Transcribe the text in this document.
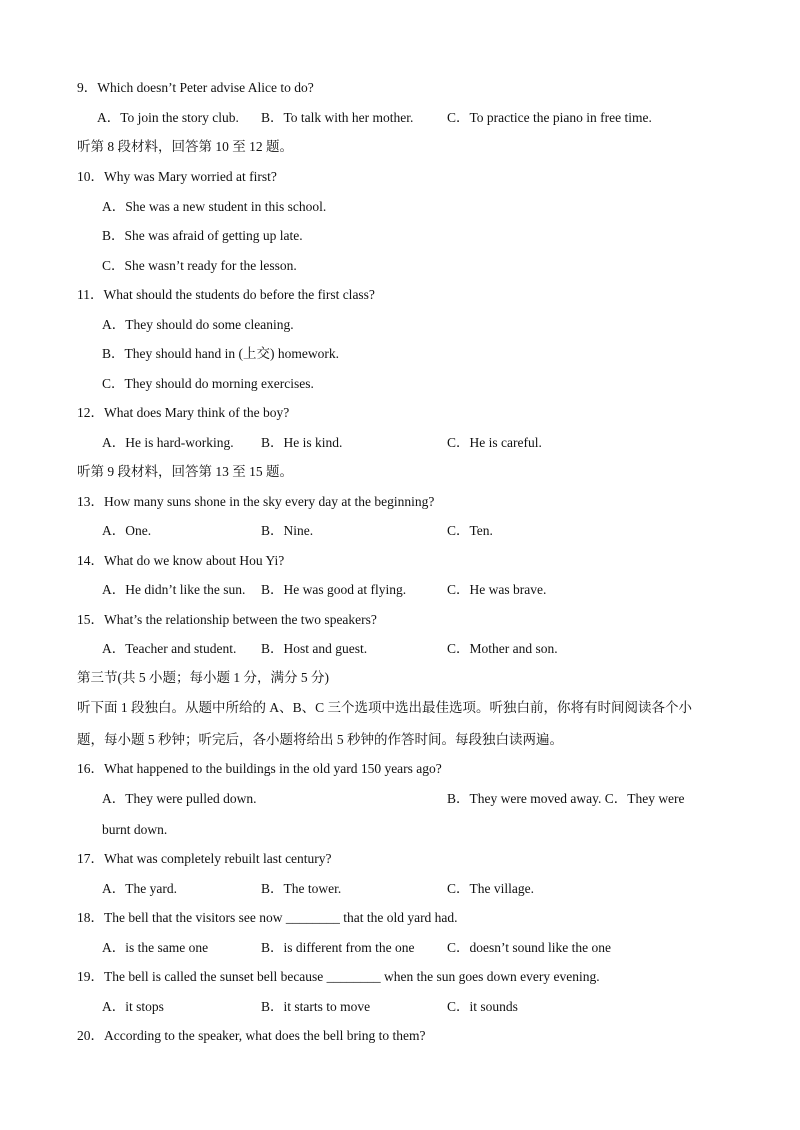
9．Which doesn’t Peter advise Alice to do?
A．To join the story club. B．To talk with her mother. C．To practice the piano in free time.
听第 8 段材料，回答第 10 至 12 题。
10．Why was Mary worried at first?
A．She was a new student in this school.
B．She was afraid of getting up late.
C．She wasn’t ready for the lesson.
11．What should the students do before the first class?
A．They should do some cleaning.
B．They should hand in (上交) homework.
C．They should do morning exercises.
12．What does Mary think of the boy?
A．He is hard-working. B．He is kind.	C．He is careful.
听第 9 段材料，回答第 13 至 15 题。
13．How many suns shone in the sky every day at the beginning?
A．One.	B．Nine.	C．Ten.
14．What do we know about Hou Yi?
A．He didn’t like the sun. B．He was good at flying.	C．He was brave.
15．What’s the relationship between the two speakers?
A．Teacher and student. B．Host and guest.	C．Mother and son.
第三节(共 5 小题；每小题 1 分，满分 5 分)
听下面 1 段独白。从题中所给的 A、B、C 三个选项中选出最佳选项。听独白前，你将有时间阅读各个小
题，每小题 5 秒钟；听完后，各小题将给出 5 秒钟的作答时间。每段独白读两遍。
16．What happened to the buildings in the old yard 150 years ago?
A．They were pulled down.	B．They were moved away. C．They were
burnt down.
17．What was completely rebuilt last century?
A．The yard.	B．The tower.	C．The village.
18．The bell that the visitors see now ________ that the old yard had.
A．is the same one	B．is different from the one C．doesn’t sound like the one
19．The bell is called the sunset bell because ________ when the sun goes down every evening.
A．it stops	B．it starts to move	C．it sounds
20．According to the speaker, what does the bell bring to them?
